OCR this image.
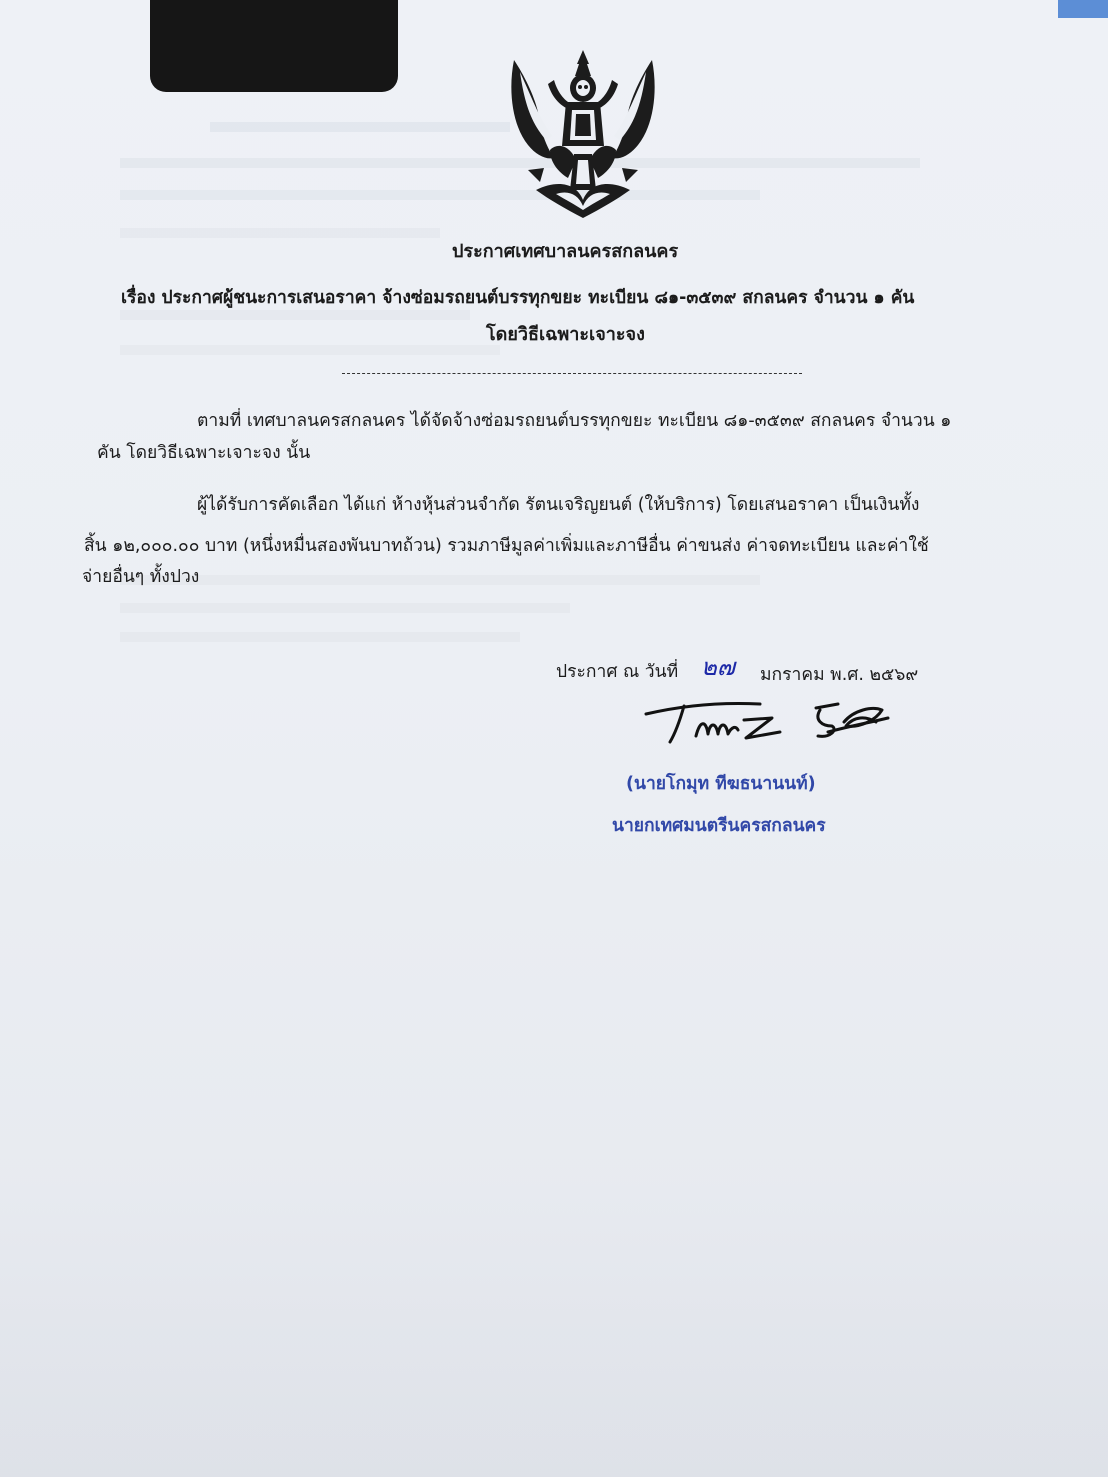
ประกาศเทศบาลนครสกลนคร
เรื่อง ประกาศผู้ชนะการเสนอราคา จ้างซ่อมรถยนต์บรรทุกขยะ ทะเบียน ๘๑-๓๕๓๙ สกลนคร จำนวน ๑ คัน
โดยวิธีเฉพาะเจาะจง
ตามที่ เทศบาลนครสกลนคร ได้จัดจ้างซ่อมรถยนต์บรรทุกขยะ ทะเบียน ๘๑-๓๕๓๙ สกลนคร จำนวน ๑
คัน โดยวิธีเฉพาะเจาะจง นั้น
ผู้ได้รับการคัดเลือก ได้แก่ ห้างหุ้นส่วนจำกัด รัตนเจริญยนต์ (ให้บริการ) โดยเสนอราคา เป็นเงินทั้ง
สิ้น ๑๒,๐๐๐.๐๐ บาท (หนึ่งหมื่นสองพันบาทถ้วน) รวมภาษีมูลค่าเพิ่มและภาษีอื่น ค่าขนส่ง ค่าจดทะเบียน และค่าใช้
จ่ายอื่นๆ ทั้งปวง
ประกาศ ณ วันที่ ๒๗ มกราคม พ.ศ. ๒๕๖๙
(นายโกมุท ทีฆธนานนท์)
นายกเทศมนตรีนครสกลนคร
